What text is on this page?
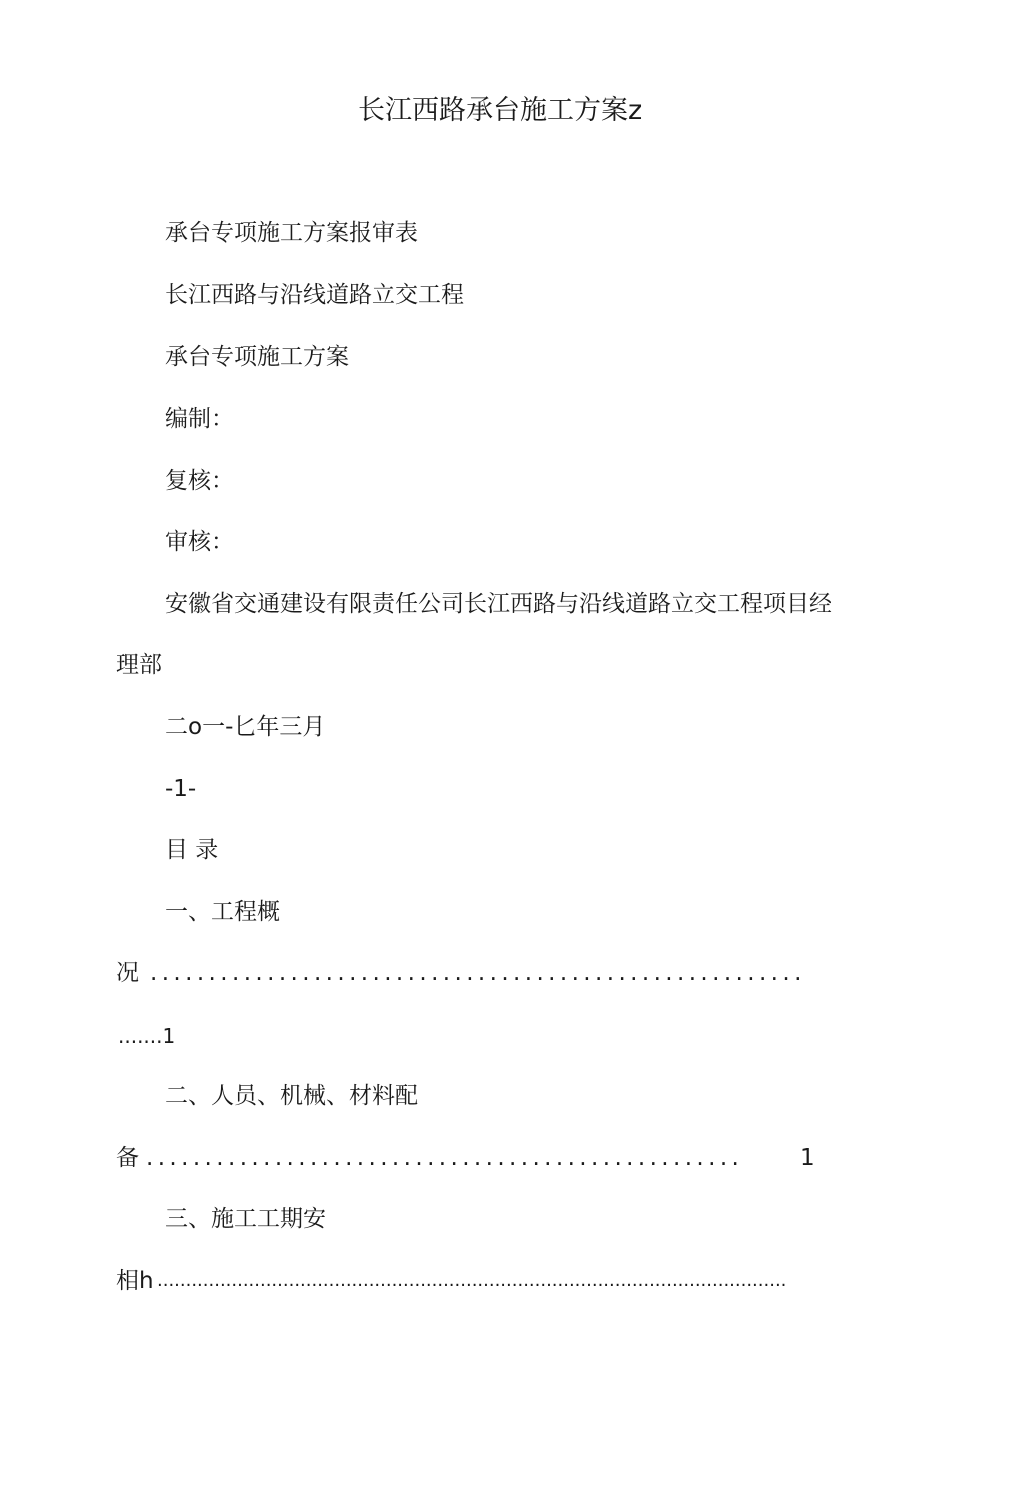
长江西路承台施工方案z
承台专项施工方案报审表
长江西路与沿线道路立交工程
承台专项施工方案
编制：
复核：
审核：
安徽省交通建设有限责任公司长江西路与沿线道路立交工程项目经
理部
二o一-匕年三月
-1-
目 录
一、工程概
况 ........................................................
.......1
二、人员、机械、材料配
备 ................................................... 1
三、施工工期安
相h ..............................................................................................................
